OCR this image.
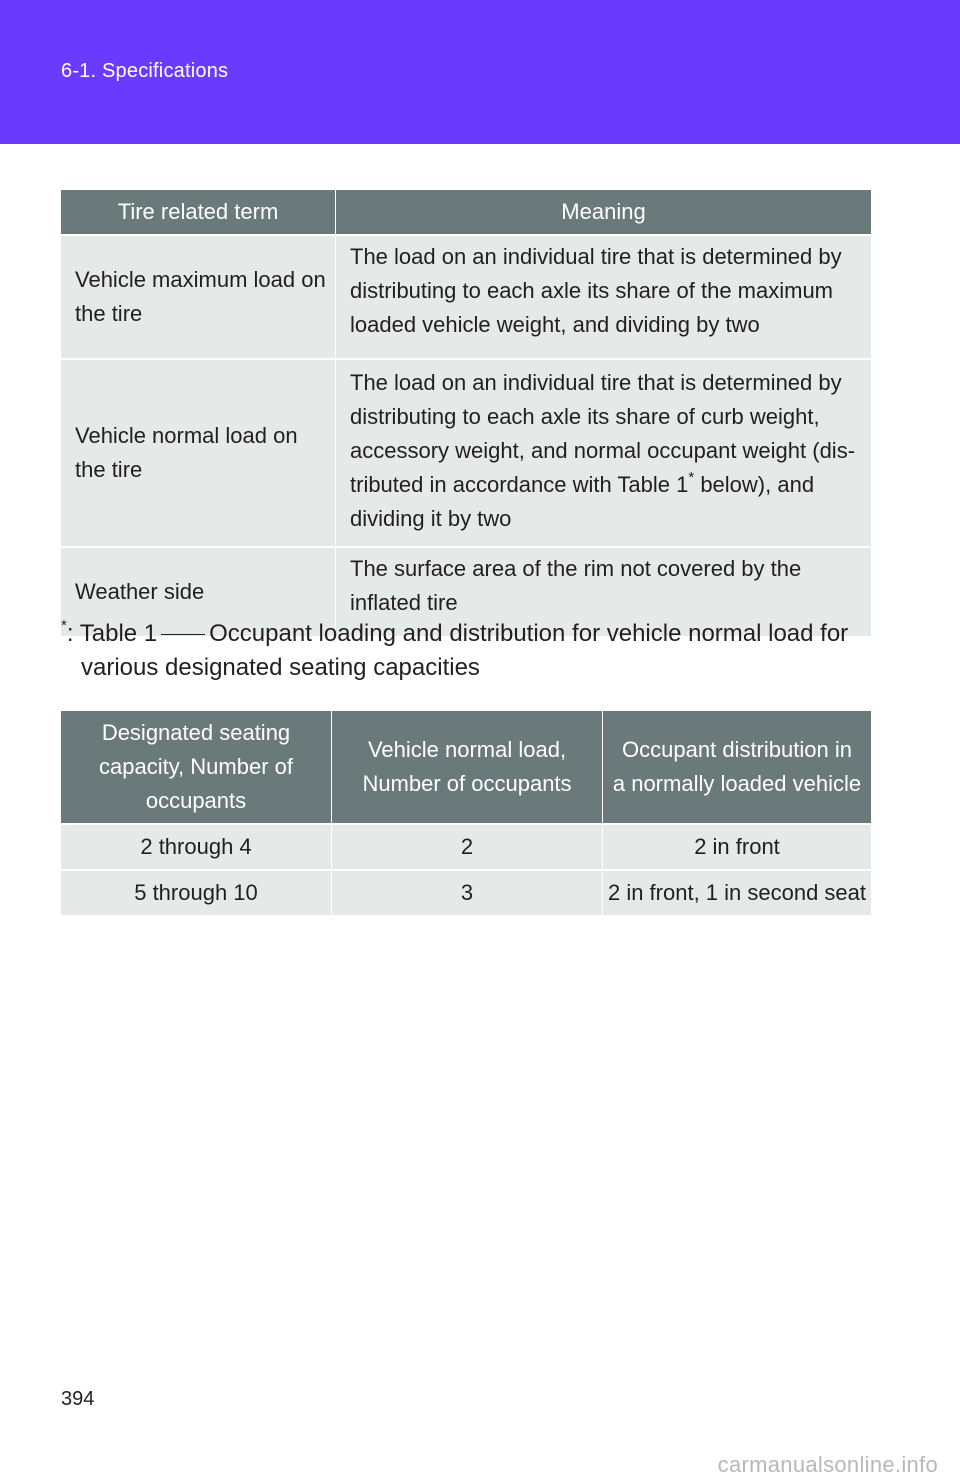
6-1. Specifications
Tire related term	Meaning
Vehicle maximum load on
the tire	The load on an individual tire that is determined by
distributing to each axle its share of the maximum
loaded vehicle weight, and dividing by two
Vehicle normal load on
the tire	The load on an individual tire that is determined by
distributing to each axle its share of curb weight,
accessory weight, and normal occupant weight (dis-
tributed in accordance with Table 1* below), and
dividing it by two
Weather side	The surface area of the rim not covered by the
inflated tire
*: Table 1 Occupant loading and distribution for vehicle normal load for
various designated seating capacities
Designated seating
capacity, Number of
occupants	Vehicle normal load,
Number of occupants	Occupant distribution in
a normally loaded vehicle
2 through 4	2	2 in front
5 through 10	3	2 in front, 1 in second seat
394
carmanualsonline.info
